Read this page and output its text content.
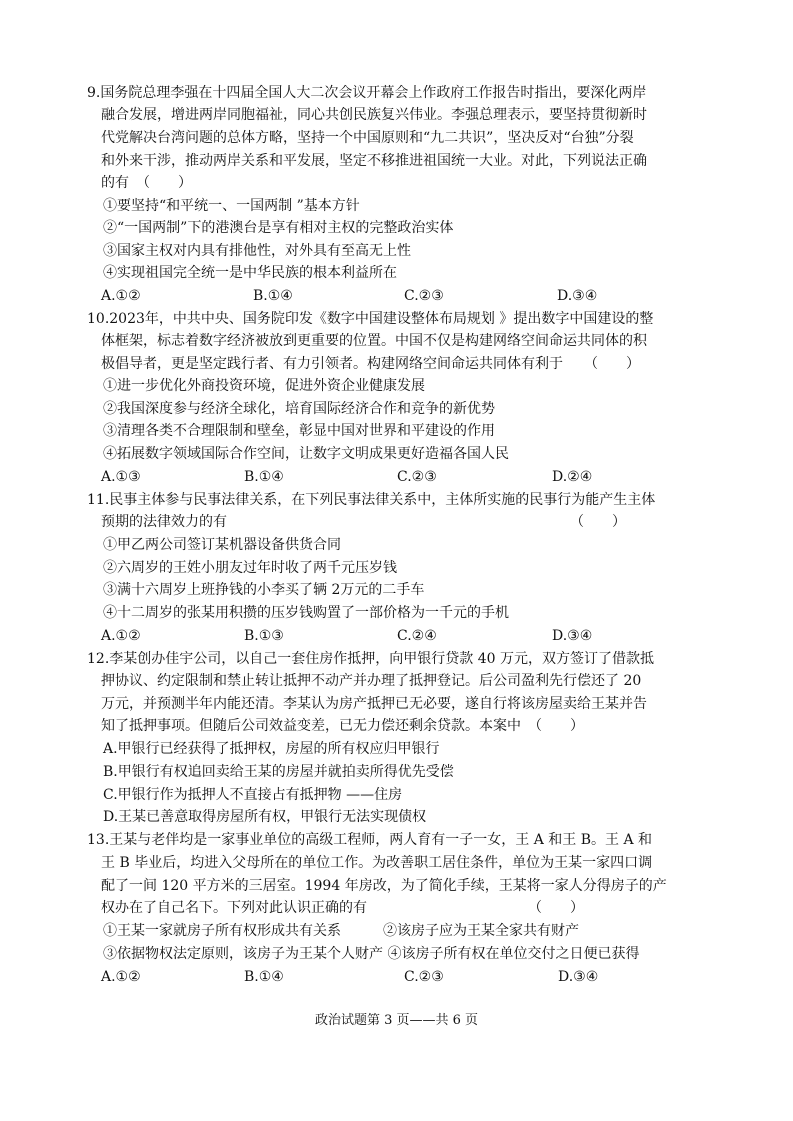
9.国务院总理李强在十四届全国人大二次会议开幕会上作政府工作报告时指出，要深化两岸
融合发展，增进两岸同胞福祉，同心共创民族复兴伟业。李强总理表示，要坚持贯彻新时
代党解决台湾问题的总体方略，坚持一个中国原则和“九二共识”，坚决反对“台独”分裂
和外来干涉，推动两岸关系和平发展，坚定不移推进祖国统一大业。对此，下列说法正确
的有　（　　）
①要坚持“和平统一、一国两制 ”基本方针
②“一国两制”下的港澳台是享有相对主权的完整政治实体
③国家主权对内具有排他性，对外具有至高无上性
④实现祖国完全统一是中华民族的根本利益所在
A.①②	B.①④	C.②③	D.③④
10.2023年，中共中央、国务院印发《数字中国建设整体布局规划 》提出数字中国建设的整
体框架，标志着数字经济被放到更重要的位置。中国不仅是构建网络空间命运共同体的积
极倡导者，更是坚定践行者、有力引领者。构建网络空间命运共同体有利于　　（　　）
①进一步优化外商投资环境，促进外资企业健康发展
②我国深度参与经济全球化，培育国际经济合作和竞争的新优势
③清理各类不合理限制和壁垒，彰显中国对世界和平建设的作用
④拓展数字领域国际合作空间，让数字文明成果更好造福各国人民
A.①③	B.①④	C.②③	D.②④
11.民事主体参与民事法律关系，在下列民事法律关系中，主体所实施的民事行为能产生主体
预期的法律效力的有　　　　　　　　　　　　　　　　　　　　　　　　　（　　）
①甲乙两公司签订某机器设备供货合同
②六周岁的王姓小朋友过年时收了两千元压岁钱
③满十六周岁上班挣钱的小李买了辆 2万元的二手车
④十二周岁的张某用积攒的压岁钱购置了一部价格为一千元的手机
A.①②	B.①③	C.②④	D.③④
12.李某创办佳宇公司，以自己一套住房作抵押，向甲银行贷款 40 万元，双方签订了借款抵
押协议、约定限制和禁止转让抵押不动产并办理了抵押登记。后公司盈利先行偿还了 20
万元，并预测半年内能还清。李某认为房产抵押已无必要，遂自行将该房屋卖给王某并告
知了抵押事项。但随后公司效益变差，已无力偿还剩余贷款。本案中　（　　）
A.甲银行已经获得了抵押权，房屋的所有权应归甲银行
B.甲银行有权追回卖给王某的房屋并就拍卖所得优先受偿
C.甲银行作为抵押人不直接占有抵押物 ——住房
D.王某已善意取得房屋所有权，甲银行无法实现债权
13.王某与老伴均是一家事业单位的高级工程师，两人育有一子一女，王 A 和王 B。王 A 和
王 B 毕业后，均进入父母所在的单位工作。为改善职工居住条件，单位为王某一家四口调
配了一间 120 平方米的三居室。1994 年房改，为了简化手续，王某将一家人分得房子的产
权办在了自己名下。下列对此认识正确的有　　　　　　　　　　　　（　　）
①王某一家就房子所有权形成共有关系　　　②该房子应为王某全家共有财产
③依据物权法定原则，该房子为王某个人财产 ④该房子所有权在单位交付之日便已获得
A.①②	B.①④	C.②③	D.③④
政治试题第 3 页——共 6 页
